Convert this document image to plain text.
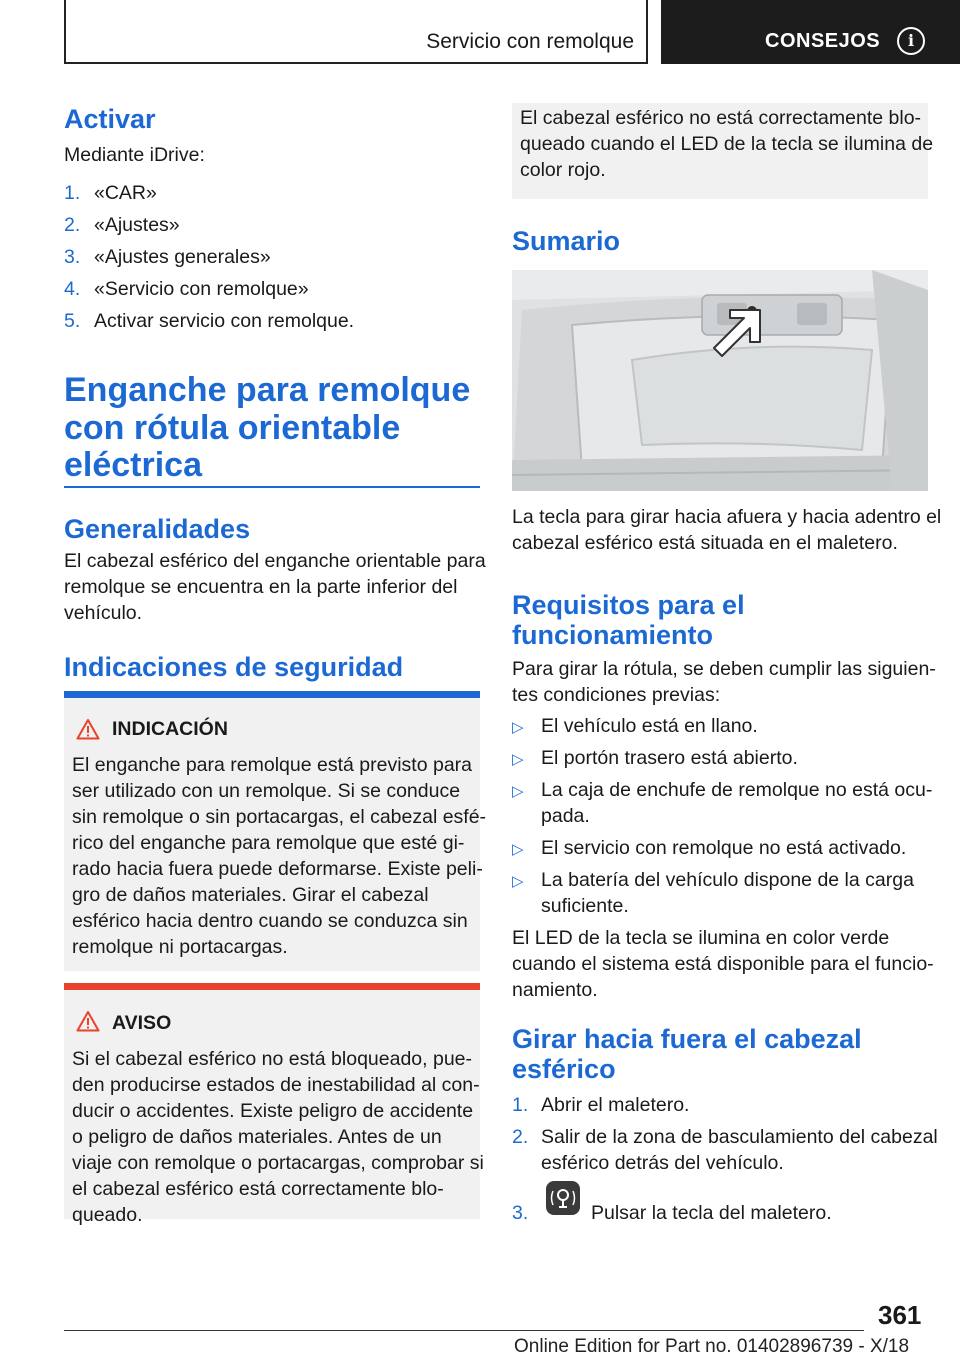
Servicio con remolque	CONSEJOS	i
Activar
Mediante iDrive:
1. «CAR»
2. «Ajustes»
3. «Ajustes generales»
4. «Servicio con remolque»
5. Activar servicio con remolque.
Enganche para remolque
con rótula orientable
eléctrica
Generalidades
El cabezal esférico del enganche orientable para
remolque se encuentra en la parte inferior del
vehículo.
Indicaciones de seguridad
INDICACIÓN
El enganche para remolque está previsto para
ser utilizado con un remolque. Si se conduce
sin remolque o sin portacargas, el cabezal esfé-
rico del enganche para remolque que esté gi-
rado hacia fuera puede deformarse. Existe peli-
gro de daños materiales. Girar el cabezal
esférico hacia dentro cuando se conduzca sin
remolque ni portacargas.
AVISO
Si el cabezal esférico no está bloqueado, pue-
den producirse estados de inestabilidad al con-
ducir o accidentes. Existe peligro de accidente
o peligro de daños materiales. Antes de un
viaje con remolque o portacargas, comprobar si
el cabezal esférico está correctamente blo-
queado.
El cabezal esférico no está correctamente blo-
queado cuando el LED de la tecla se ilumina de
color rojo.
Sumario
La tecla para girar hacia afuera y hacia adentro el
cabezal esférico está situada en el maletero.
Requisitos para el
funcionamiento
Para girar la rótula, se deben cumplir las siguien-
tes condiciones previas:
▷ El vehículo está en llano.
▷ El portón trasero está abierto.
▷ La caja de enchufe de remolque no está ocu-
pada.
▷ El servicio con remolque no está activado.
▷ La batería del vehículo dispone de la carga
suficiente.
El LED de la tecla se ilumina en color verde
cuando el sistema está disponible para el funcio-
namiento.
Girar hacia fuera el cabezal
esférico
1. Abrir el maletero.
2. Salir de la zona de basculamiento del cabezal
esférico detrás del vehículo.
3.	Pulsar la tecla del maletero.
361
Online Edition for Part no. 01402896739 - X/18
